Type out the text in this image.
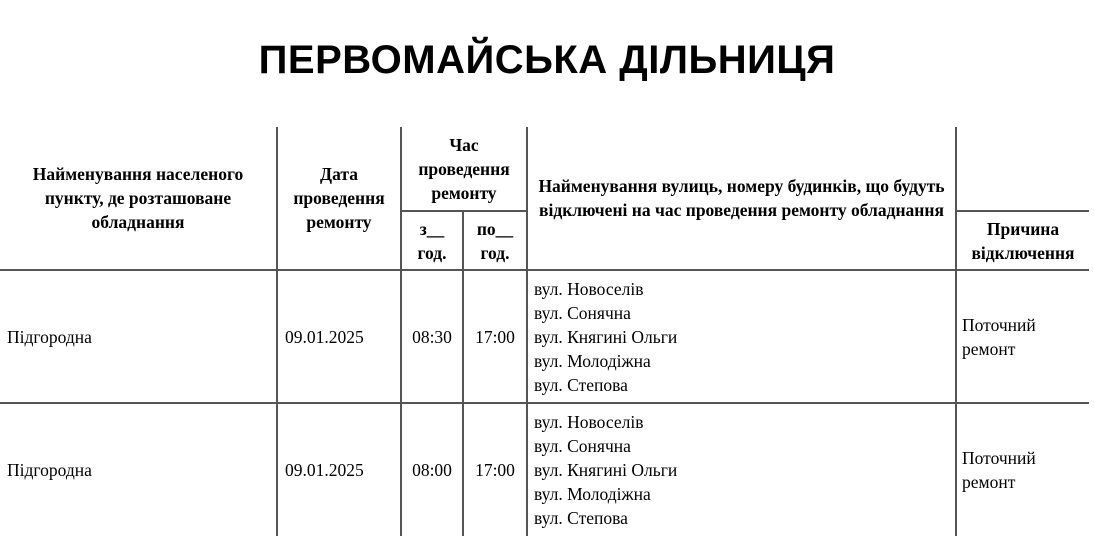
ПЕРВОМАЙСЬКА ДІЛЬНИЦЯ
Найменування населеного пункту, де розташоване обладнання	Дата проведення ремонту	Час проведення ремонту		Найменування вулиць, номеру будинків, що будуть відключені на час проведення ремонту обладнання	
		з__ год.	по__ год.		Причина відключення
Підгородна	09.01.2025	08:30	17:00	вул. Новоселів
вул. Сонячна
вул. Княгині Ольги
вул. Молодіжна
вул. Степова	Поточний ремонт
Підгородна	09.01.2025	08:00	17:00	вул. Новоселів
вул. Сонячна
вул. Княгині Ольги
вул. Молодіжна
вул. Степова	Поточний ремонт
